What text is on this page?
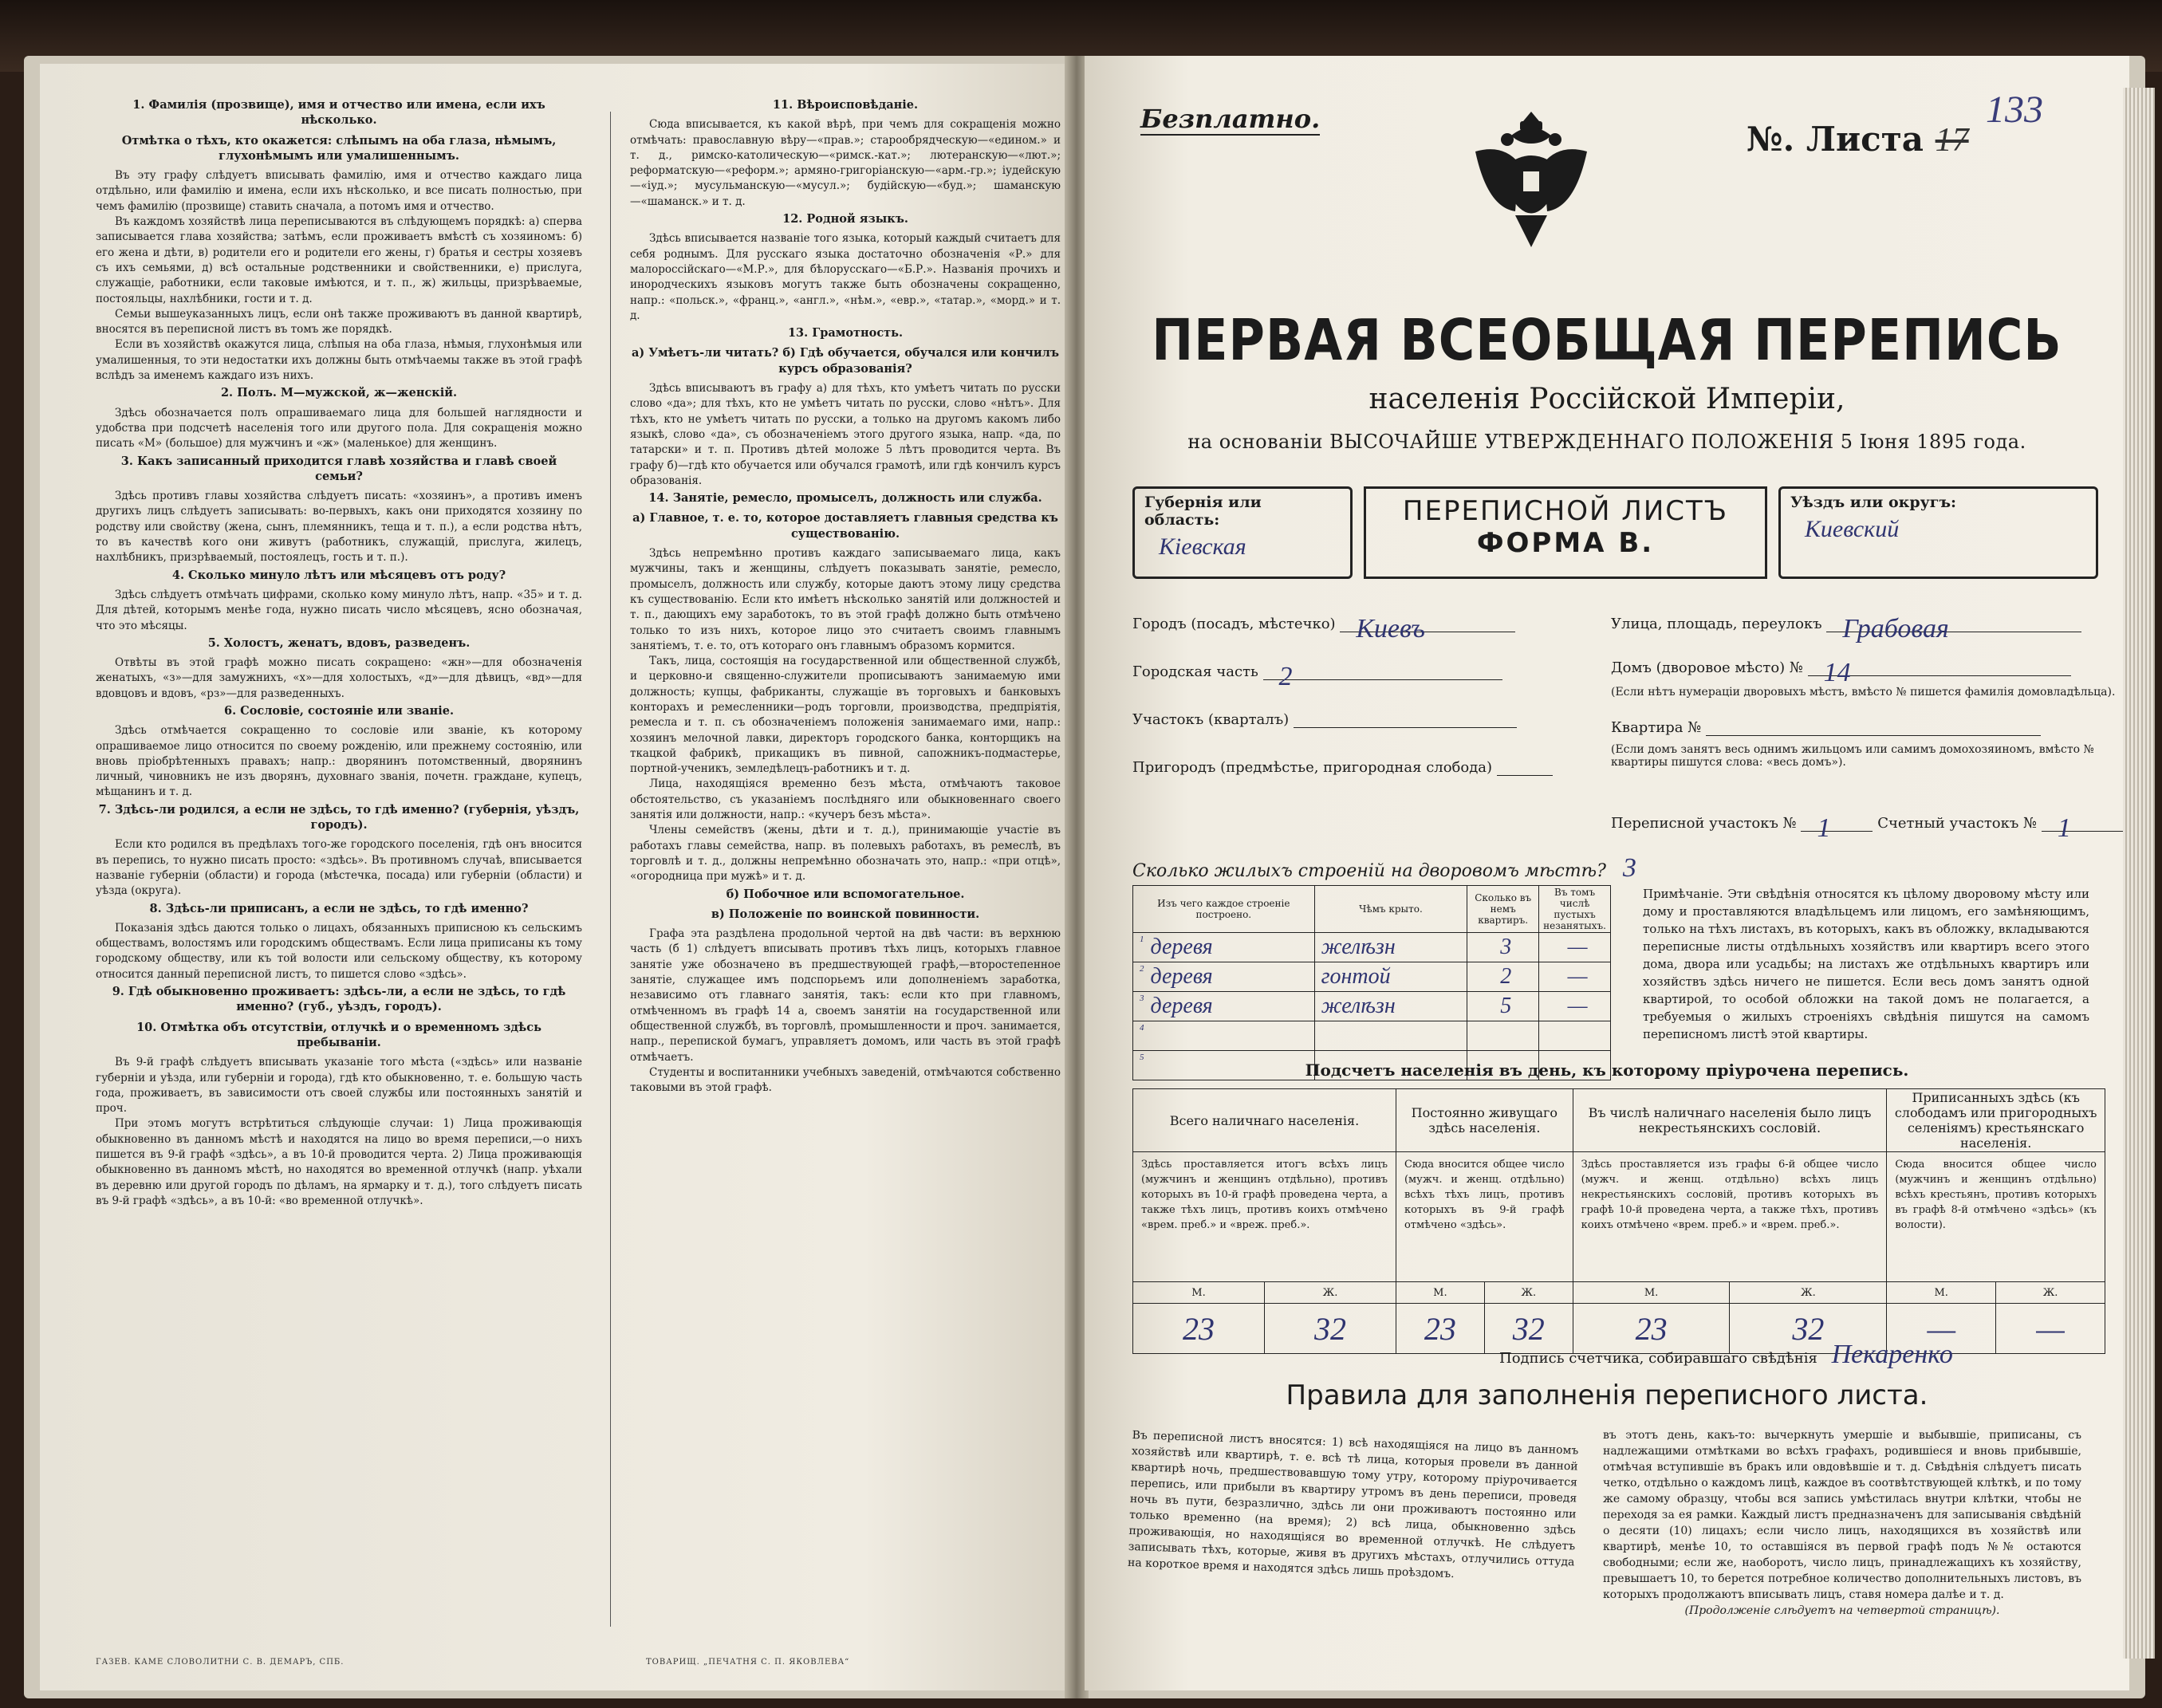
1. Фамилія (прозвище), имя и отчество или имена, если ихъ нѣсколько.

Отмѣтка о тѣхъ, кто окажется: слѣпымъ на оба глаза, нѣмымъ, глухонѣмымъ или умалишеннымъ.

Въ эту графу слѣдуетъ вписывать фамилію, имя и отчество каждаго лица отдѣльно, или фамилію и имена, если ихъ нѣсколько, и все писать полностью, при чемъ фамилію (прозвище) ставить сначала, а потомъ имя и отчество.

Въ каждомъ хозяйствѣ лица переписываются въ слѣдующемъ порядкѣ: а) сперва записывается глава хозяйства; затѣмъ, если проживаетъ вмѣстѣ съ хозяиномъ: б) его жена и дѣти, в) родители его и родители его жены, г) братья и сестры хозяевъ съ ихъ семьями, д) всѣ остальные родственники и свойственники, е) прислуга, служащіе, работники, если таковые имѣются, и т. п., ж) жильцы, призрѣваемые, постояльцы, нахлѣбники, гости и т. д.

Семьи вышеуказанныхъ лицъ, если онѣ также проживаютъ въ данной квартирѣ, вносятся въ переписной листъ въ томъ же порядкѣ.

Если въ хозяйствѣ окажутся лица, слѣпыя на оба глаза, нѣмыя, глухонѣмыя или умалишенныя, то эти недостатки ихъ должны быть отмѣчаемы также въ этой графѣ вслѣдъ за именемъ каждаго изъ нихъ.

2. Полъ. М—мужской, ж—женскій.

Здѣсь обозначается полъ опрашиваемаго лица для большей наглядности и удобства при подсчетѣ населенія того или другого пола. Для сокращенія можно писать «М» (большое) для мужчинъ и «ж» (маленькое) для женщинъ.

3. Какъ записанный приходится главѣ хозяйства и главѣ своей семьи?

Здѣсь противъ главы хозяйства слѣдуетъ писать: «хозяинъ», а противъ именъ другихъ лицъ слѣдуетъ записывать: во-первыхъ, какъ они приходятся хозяину по родству или свойству (жена, сынъ, племянникъ, теща и т. п.), а если родства нѣтъ, то въ качествѣ кого они живутъ (работникъ, служащій, прислуга, жилецъ, нахлѣбникъ, призрѣваемый, постоялецъ, гость и т. п.).

4. Сколько минуло лѣтъ или мѣсяцевъ отъ роду?

Здѣсь слѣдуетъ отмѣчать цифрами, сколько кому минуло лѣтъ, напр. «35» и т. д. Для дѣтей, которымъ менѣе года, нужно писать число мѣсяцевъ, ясно обозначая, что это мѣсяцы.

5. Холостъ, женатъ, вдовъ, разведенъ.

Отвѣты въ этой графѣ можно писать сокращено: «жн»—для обозначенія женатыхъ, «з»—для замужнихъ, «х»—для холостыхъ, «д»—для дѣвицъ, «вд»—для вдовцовъ и вдовъ, «рз»—для разведенныхъ.

6. Сословіе, состояніе или званіе.

Здѣсь отмѣчается сокращенно то сословіе или званіе, къ которому опрашиваемое лицо относится по своему рожденію, или прежнему состоянію, или вновь пріобрѣтенныхъ правахъ; напр.: дворянинъ потомственный, дворянинъ личный, чиновникъ не изъ дворянъ, духовнаго званія, почетн. граждане, купецъ, мѣщанинъ и т. д.

7. Здѣсь-ли родился, а если не здѣсь, то гдѣ именно? (губернія, уѣздъ, городъ).

Если кто родился въ предѣлахъ того-же городского поселенія, гдѣ онъ вносится въ перепись, то нужно писать просто: «здѣсь». Въ противномъ случаѣ, вписывается названіе губерніи (области) и города (мѣстечка, посада) или губерніи (области) и уѣзда (округа).

8. Здѣсь-ли приписанъ, а если не здѣсь, то гдѣ именно?

Показанія здѣсь даются только о лицахъ, обязанныхъ приписною къ сельскимъ обществамъ, волостямъ или городскимъ обществамъ. Если лица приписаны къ тому городскому обществу, или къ той волости или сельскому обществу, къ которому относится данный переписной листъ, то пишется слово «здѣсь».

9. Гдѣ обыкновенно проживаетъ: здѣсь-ли, а если не здѣсь, то гдѣ именно? (губ., уѣздъ, городъ).

10. Отмѣтка объ отсутствіи, отлучкѣ и о временномъ здѣсь пребываніи.

Въ 9-й графѣ слѣдуетъ вписывать указаніе того мѣста («здѣсь» или названіе губерніи и уѣзда, или губерніи и города), гдѣ кто обыкновенно, т. е. большую часть года, проживаетъ, въ зависимости отъ своей службы или постоянныхъ занятій и проч.

При этомъ могутъ встрѣтиться слѣдующіе случаи: 1) Лица проживающія обыкновенно въ данномъ мѣстѣ и находятся на лицо во время переписи,—о нихъ пишется въ 9-й графѣ «здѣсь», а въ 10-й проводится черта. 2) Лица проживающія обыкновенно въ данномъ мѣстѣ, но находятся во временной отлучкѣ (напр. уѣхали въ деревню или другой городъ по дѣламъ, на ярмарку и т. д.), того слѣдуетъ писать въ 9-й графѣ «здѣсь», а въ 10-й: «во временной отлучкѣ».

11. Вѣроисповѣданіе.

Сюда вписывается, къ какой вѣрѣ, при чемъ для сокращенія можно отмѣчать: православную вѣру—«прав.»; старообрядческую—«едином.» и т. д., римско-католическую—«римск.-кат.»; лютеранскую—«лют.»; реформатскую—«реформ.»; армяно-григоріанскую—«арм.-гр.»; іудейскую—«іуд.»; мусульманскую—«мусул.»; будійскую—«буд.»; шаманскую—«шаманск.» и т. д.

12. Родной языкъ.

Здѣсь вписывается названіе того языка, который каждый считаетъ для себя роднымъ. Для русскаго языка достаточно обозначенія «Р.» для малороссійскаго—«М.Р.», для бѣлорусскаго—«Б.Р.». Названія прочихъ и инородческихъ языковъ могутъ также быть обозначены сокращенно, напр.: «польск.», «франц.», «англ.», «нѣм.», «евр.», «татар.», «морд.» и т. д.

13. Грамотность.

а) Умѣетъ-ли читать? б) Гдѣ обучается, обучался или кончилъ курсъ образованія?

Здѣсь вписываютъ въ графу а) для тѣхъ, кто умѣетъ читать по русски слово «да»; для тѣхъ, кто не умѣетъ читать по русски, слово «нѣтъ». Для тѣхъ, кто не умѣетъ читать по русски, а только на другомъ какомъ либо языкѣ, слово «да», съ обозначеніемъ этого другого языка, напр. «да, по татарски» и т. п. Противъ дѣтей моложе 5 лѣтъ проводится черта. Въ графу б)—гдѣ кто обучается или обучался грамотѣ, или гдѣ кончилъ курсъ образованія.

14. Занятіе, ремесло, промыселъ, должность или служба.

а) Главное, т. е. то, которое доставляетъ главныя средства къ существованію.

Здѣсь непремѣнно противъ каждаго записываемаго лица, какъ мужчины, такъ и женщины, слѣдуетъ показывать занятіе, ремесло, промыселъ, должность или службу, которые даютъ этому лицу средства къ существованію. Если кто имѣетъ нѣсколько занятій или должностей и т. п., дающихъ ему заработокъ, то въ этой графѣ должно быть отмѣчено только то изъ нихъ, которое лицо это считаетъ своимъ главнымъ занятіемъ, т. е. то, отъ котораго онъ главнымъ образомъ кормится.

Такъ, лица, состоящія на государственной или общественной службѣ, и церковно-и священно-служители прописываютъ занимаемую ими должность; купцы, фабриканты, служащіе въ торговыхъ и банковыхъ конторахъ и ремесленники—родъ торговли, производства, предпріятія, ремесла и т. п. съ обозначеніемъ положенія занимаемаго ими, напр.: хозяинъ мелочной лавки, директоръ городского банка, конторщикъ на ткацкой фабрикѣ, прикащикъ въ пивной, сапожникъ-подмастерье, портной-ученикъ, земледѣлецъ-работникъ и т. д.

Лица, находящіяся временно безъ мѣста, отмѣчаютъ таковое обстоятельство, съ указаніемъ послѣдняго или обыкновеннаго своего занятія или должности, напр.: «кучеръ безъ мѣста».

Члены семействъ (жены, дѣти и т. д.), принимающіе участіе въ работахъ главы семейства, напр. въ полевыхъ работахъ, въ ремеслѣ, въ торговлѣ и т. д., должны непремѣнно обозначать это, напр.: «при отцѣ», «огородница при мужѣ» и т. д.

б) Побочное или вспомогательное.

в) Положеніе по воинской повинности.

Графа эта раздѣлена продольной чертой на двѣ части: въ верхнюю часть (б 1) слѣдуетъ вписывать противъ тѣхъ лицъ, которыхъ главное занятіе уже обозначено въ предшествующей графѣ,—второстепенное занятіе, служащее имъ подспорьемъ или дополненіемъ заработка, независимо отъ главнаго занятія, такъ: если кто при главномъ, отмѣченномъ въ графѣ 14 а, своемъ занятіи на государственной или общественной службѣ, въ торговлѣ, промышленности и проч. занимается, напр., перепиской бумагъ, управляетъ домомъ, или часть въ этой графѣ отмѣчаетъ.

Студенты и воспитанники учебныхъ заведеній, отмѣчаются собственно таковыми въ этой графѣ.

ГАЗЕВ. КАМЕ СЛОВОЛИТНИ С. В. ДЕМАРЪ, СПБ.	ТОВАРИЩ. „ПЕЧАТНЯ С. П. ЯКОВЛЕВА“
Безплатно.
№. Листа 17
133
ПЕРВАЯ ВСЕОБЩАЯ ПЕРЕПИСЬ
населенія Россійской Имперіи,
на основаніи ВЫСОЧАЙШЕ УТВЕРЖДЕННАГО ПОЛОЖЕНІЯ 5 Іюня 1895 года.
Губернія или область:
Кіевская
ПЕРЕПИСНОЙ ЛИСТЪ
ФОРМА В.
Уѣздъ или округъ:
Киевский
Городъ (посадъ, мѣстечко) Киевъ
Городская часть 2
Участокъ (кварталъ)
Пригородъ (предмѣстье, пригородная слобода)
Улица, площадь, переулокъ Грабовая
Домъ (дворовое мѣсто) № 14
(Если нѣтъ нумераціи дворовыхъ мѣстъ, вмѣсто № пишется фамилія домовладѣльца).
Квартира №
(Если домъ занятъ весь однимъ жильцомъ или самимъ домохозяиномъ, вмѣсто № квартиры пишутся слова: «весь домъ»).
Переписной участокъ № 1	Счетный участокъ № 1
Сколько жилыхъ строеній на дворовомъ мѣстѣ? 3
Изъ чего каждое строеніе построено.	Чѣмъ крыто.	Сколько въ немъ квартиръ.	Въ томъ числѣ пустыхъ незанятыхъ.
$^1$ деревя	желѣзн	3	—
$^2$ деревя	гонтой	2	—
$^3$ деревя	желѣзн	5	—
$^4$			
$^5$			
Примѣчаніе. Эти свѣдѣнія относятся къ цѣлому дворовому мѣсту или дому и проставляются владѣльцемъ или лицомъ, его замѣняющимъ, только на тѣхъ листахъ, въ которыхъ, какъ въ обложку, вкладываются переписные листы отдѣльныхъ хозяйствъ или квартиръ всего этого дома, двора или усадьбы; на листахъ же отдѣльныхъ квартиръ или хозяйствъ здѣсь ничего не пишется. Если весь домъ занятъ одной квартирой, то особой обложки на такой домъ не полагается, а требуемыя о жилыхъ строеніяхъ свѣдѣнія пишутся на самомъ переписномъ листѣ этой квартиры.
Подсчетъ населенія въ день, къ которому пріурочена перепись.
Всего наличнаго населенія.		Постоянно живущаго здѣсь населенія.		Въ числѣ наличнаго населенія было лицъ некрестьянскихъ сословій.		Приписанныхъ здѣсь (къ слободамъ или пригородныхъ селеніямъ) крестьянскаго населенія.	
Здѣсь проставляется итогъ всѣхъ лицъ (мужчинъ и женщинъ отдѣльно), противъ которыхъ въ 10-й графѣ проведена черта, а также тѣхъ лицъ, противъ коихъ отмѣчено «врем. преб.» и «вреж. преб.».		Сюда вносится общее число (мужч. и женщ. отдѣльно) всѣхъ тѣхъ лицъ, противъ которыхъ въ 9-й графѣ отмѣчено «здѣсь».		Здѣсь проставляется изъ графы 6-й общее число (мужч. и женщ. отдѣльно) всѣхъ лицъ некрестьянскихъ сословій, противъ которыхъ въ графѣ 10-й проведена черта, а также тѣхъ, противъ коихъ отмѣчено «врем. преб.» и «врем. преб.».		Сюда вносится общее число (мужчинъ и женщинъ отдѣльно) всѣхъ крестьянъ, противъ которыхъ въ графѣ 8-й отмѣчено «здѣсь» (къ волости).	
М.	Ж.	М.	Ж.	М.	Ж.	М.	Ж.
23	32	23	32	23	32	—	—
Подпись счетчика, собиравшаго свѣдѣнія Пекаренко
Правила для заполненія переписного листа.
Въ переписной листъ вносятся: 1) всѣ находящіяся на лицо въ данномъ хозяйствѣ или квартирѣ, т. е. всѣ тѣ лица, которыя провели въ данной квартирѣ ночь, предшествовавшую тому утру, которому пріурочивается перепись, или прибыли въ квартиру утромъ въ день переписи, проведя ночь въ пути, безразлично, здѣсь ли они проживаютъ постоянно или только временно (на время); 2) всѣ лица, обыкновенно здѣсь проживающія, но находящіяся во временной отлучкѣ. Не слѣдуетъ записывать тѣхъ, которые, живя въ другихъ мѣстахъ, отлучились оттуда на короткое время и находятся здѣсь лишь проѣздомъ.
въ этотъ день, какъ-то: вычеркнуть умершіе и выбывшіе, приписаны, съ надлежащими отмѣтками во всѣхъ графахъ, родившіеся и вновь прибывшіе, отмѣчая вступившіе въ бракъ или овдовѣвшіе и т. д. Свѣдѣнія слѣдуетъ писать четко, отдѣльно о каждомъ лицѣ, каждое въ соотвѣтствующей клѣткѣ, и по тому же самому образцу, чтобы вся запись умѣстилась внутри клѣтки, чтобы не переходя за ея рамки. Каждый листъ предназначенъ для записыванія свѣдѣній о десяти (10) лицахъ; если число лицъ, находящихся въ хозяйствѣ или квартирѣ, менѣе 10, то оставшіяся въ первой графѣ подъ №№ остаются свободными; если же, наоборотъ, число лицъ, принадлежащихъ къ хозяйству, превышаетъ 10, то берется потребное количество дополнительныхъ листовъ, въ которыхъ продолжаютъ вписывать лицъ, ставя номера далѣе и т. д.
(Продолженіе слѣдуетъ на четвертой страницѣ).
